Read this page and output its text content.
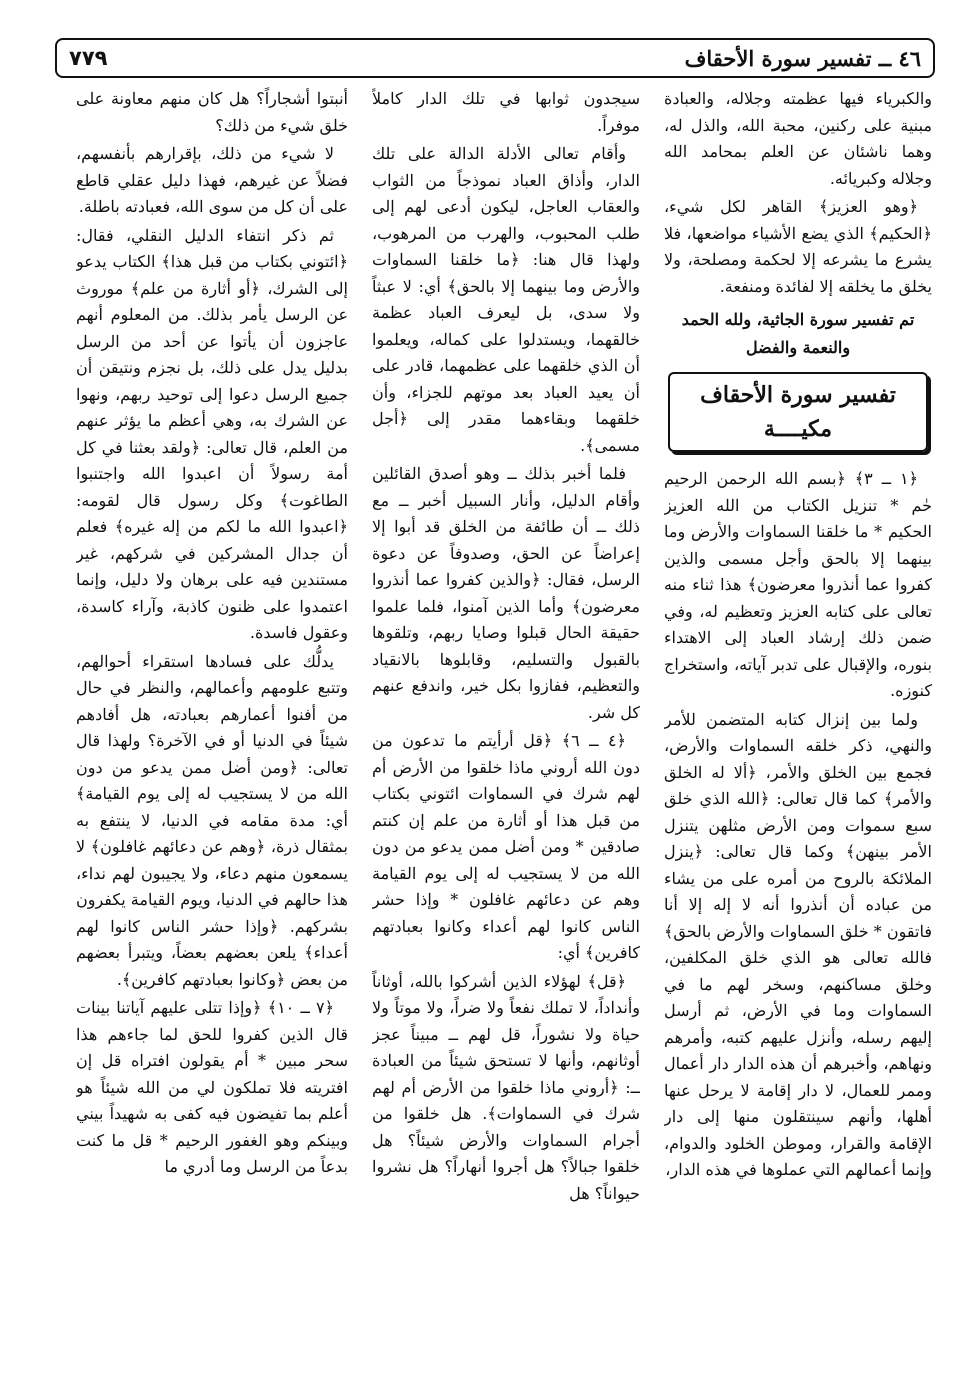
٤٦ ــ تفسير سورة الأحقاف
٧٧٩

والكبرياء فيها عظمته وجلاله، والعبادة مبنية على ركنين، محبة الله، والذل له، وهما ناشئان عن العلم بمحامد الله وجلاله وكبريائه.

﴿وهو العزيز﴾ القاهر لكل شيء، ﴿الحكيم﴾ الذي يضع الأشياء مواضعها، فلا يشرع ما يشرعه إلا لحكمة ومصلحة، ولا يخلق ما يخلقه إلا لفائدة ومنفعة.

تم تفسير سورة الجاثية، ولله الحمد والنعمة والفضل
تفسير سورة الأحقاف
مكيــــة

﴿١ ــ ٣﴾ ﴿بسم الله الرحمن الرحيم حٰم * تنزيل الكتاب من الله العزيز الحكيم * ما خلقنا السماوات والأرض وما بينهما إلا بالحق وأجل مسمى والذين كفروا عما أنذروا معرضون﴾ هذا ثناء منه تعالى على كتابه العزيز وتعظيم له، وفي ضمن ذلك إرشاد العباد إلى الاهتداء بنوره، والإقبال على تدبر آياته، واستخراج كنوزه.

ولما بين إنزال كتابه المتضمن للأمر والنهي، ذكر خلقه السماوات والأرض، فجمع بين الخلق والأمر، ﴿ألا له الخلق والأمر﴾ كما قال تعالى: ﴿الله الذي خلق سبع سموات ومن الأرض مثلهن يتنزل الأمر بينهن﴾ وكما قال تعالى: ﴿ينزل الملائكة بالروح من أمره على من يشاء من عباده أن أنذروا أنه لا إله إلا أنا فاتقون * خلق السماوات والأرض بالحق﴾ فالله تعالى هو الذي خلق المكلفين، وخلق مساكنهم، وسخر لهم ما في السماوات وما في الأرض، ثم أرسل إليهم رسله، وأنزل عليهم كتبه، وأمرهم ونهاهم، وأخبرهم أن هذه الدار دار أعمال وممر للعمال، لا دار إقامة لا يرحل عنها أهلها، وأنهم سينتقلون منها إلى دار الإقامة والقرار، وموطن الخلود والدوام، وإنما أعمالهم التي عملوها في هذه الدار،

سيجدون ثوابها في تلك الدار كاملاً موفراً.

وأقام تعالى الأدلة الدالة على تلك الدار، وأذاق العباد نموذجاً من الثواب والعقاب العاجل، ليكون أدعى لهم إلى طلب المحبوب، والهرب من المرهوب، ولهذا قال هنا: ﴿ما خلقنا السماوات والأرض وما بينهما إلا بالحق﴾ أي: لا عبثاً ولا سدى، بل ليعرف العباد عظمة خالقهما، ويستدلوا على كماله، ويعلموا أن الذي خلقهما على عظمهما، قادر على أن يعيد العباد بعد موتهم للجزاء، وأن خلقهما وبقاءهما مقدر إلى ﴿أجل مسمى﴾.

فلما أخبر بذلك ــ وهو أصدق القائلين وأقام الدليل، وأنار السبيل أخبر ــ مع ذلك ــ أن طائفة من الخلق قد أبوا إلا إعراضاً عن الحق، وصدوفاً عن دعوة الرسل، فقال: ﴿والذين كفروا عما أنذروا معرضون﴾ وأما الذين آمنوا، فلما علموا حقيقة الحال قبلوا وصايا ربهم، وتلقوها بالقبول والتسليم، وقابلوها بالانقياد والتعظيم، ففازوا بكل خير، واندفع عنهم كل شر.

﴿٤ ــ ٦﴾ ﴿قل أرأيتم ما تدعون من دون الله أروني ماذا خلقوا من الأرض أم لهم شرك في السماوات ائتوني بكتاب من قبل هذا أو أثارة من علم إن كنتم صادقين * ومن أضل ممن يدعو من دون الله من لا يستجيب له إلى يوم القيامة وهم عن دعائهم غافلون * وإذا حشر الناس كانوا لهم أعداء وكانوا بعبادتهم كافرين﴾ أي:

﴿قل﴾ لهؤلاء الذين أشركوا بالله، أوثاناً وأنداداً، لا تملك نفعاً ولا ضراً، ولا موتاً ولا حياة ولا نشوراً، قل لهم ــ مبيناً عجز أوثانهم، وأنها لا تستحق شيئاً من العبادة ــ: ﴿أروني ماذا خلقوا من الأرض أم لهم شرك في السماوات﴾. هل خلقوا من أجرام السماوات والأرض شيئاً؟ هل خلقوا جبالاً؟ هل أجروا أنهاراً؟ هل نشروا حيواناً؟ هل

أنبتوا أشجاراً؟ هل كان منهم معاونة على خلق شيء من ذلك؟

لا شيء من ذلك، بإقرارهم بأنفسهم، فضلاً عن غيرهم، فهذا دليل عقلي قاطع على أن كل من سوى الله، فعبادته باطلة.

ثم ذكر انتفاء الدليل النقلي، فقال: ﴿ائتوني بكتاب من قبل هذا﴾ الكتاب يدعو إلى الشرك، ﴿أو أثارة من علم﴾ موروث عن الرسل يأمر بذلك. من المعلوم أنهم عاجزون أن يأتوا عن أحد من الرسل بدليل يدل على ذلك، بل نجزم ونتيقن أن جميع الرسل دعوا إلى توحيد ربهم، ونهوا عن الشرك به، وهي أعظم ما يؤثر عنهم من العلم، قال تعالى: ﴿ولقد بعثنا في كل أمة رسولاً أن اعبدوا الله واجتنبوا الطاغوت﴾ وكل رسول قال لقومه: ﴿اعبدوا الله ما لكم من إله غيره﴾ فعلم أن جدال المشركين في شركهم، غير مستندين فيه على برهان ولا دليل، وإنما اعتمدوا على ظنون كاذبة، وآراء كاسدة، وعقول فاسدة.

يدلُّك على فسادها استقراء أحوالهم، وتتبع علومهم وأعمالهم، والنظر في حال من أفنوا أعمارهم بعبادته، هل أفادهم شيئاً في الدنيا أو في الآخرة؟ ولهذا قال تعالى: ﴿ومن أضل ممن يدعو من دون الله من لا يستجيب له إلى يوم القيامة﴾ أي: مدة مقامه في الدنيا، لا ينتفع به بمثقال ذرة، ﴿وهم عن دعائهم غافلون﴾ لا يسمعون منهم دعاء، ولا يجيبون لهم نداء، هذا حالهم في الدنيا، ويوم القيامة يكفرون بشركهم. ﴿وإذا حشر الناس كانوا لهم أعداء﴾ يلعن بعضهم بعضاً، ويتبرأ بعضهم من بعض ﴿وكانوا بعبادتهم كافرين﴾.

﴿٧ ــ ١٠﴾ ﴿وإذا تتلى عليهم آياتنا بينات قال الذين كفروا للحق لما جاءهم هذا سحر مبين * أم يقولون افتراه قل إن افتريته فلا تملكون لي من الله شيئاً هو أعلم بما تفيضون فيه كفى به شهيداً بيني وبينكم وهو الغفور الرحيم * قل ما كنت بدعاً من الرسل وما أدري ما
